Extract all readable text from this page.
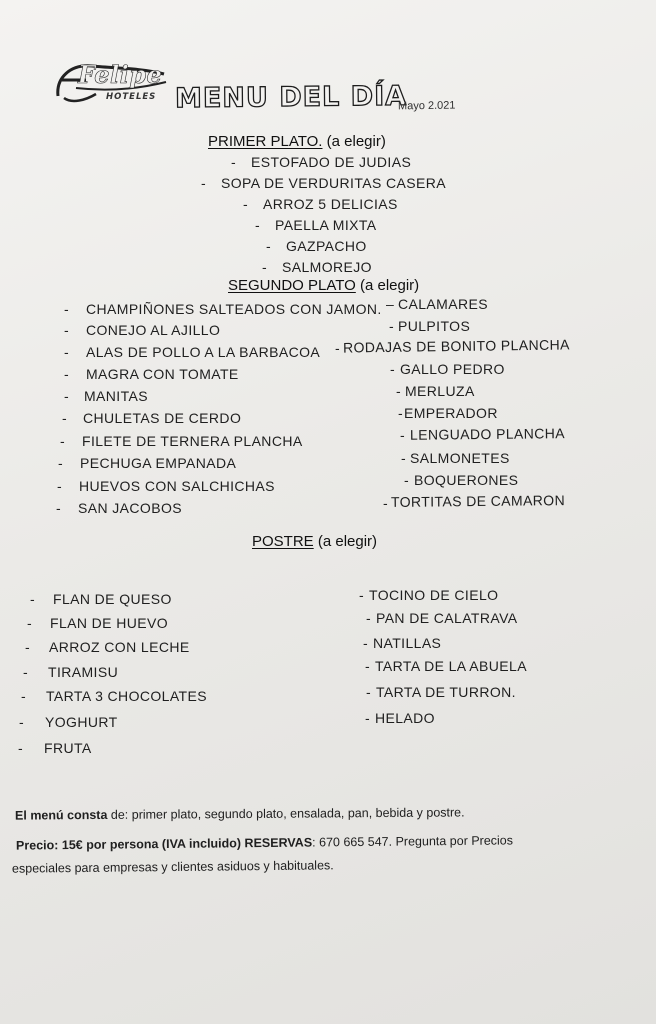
Felipe
HOTELES MENU DEL DÍA
Mayo 2.021
PRIMER PLATO. (a elegir)
- ESTOFADO DE JUDIAS
- SOPA DE VERDURITAS CASERA
- ARROZ 5 DELICIAS
- PAELLA MIXTA
- GAZPACHO
- SALMOREJO
SEGUNDO PLATO (a elegir)
- CHAMPIÑONES SALTEADOS CON JAMON.
- CONEJO AL AJILLO
- ALAS DE POLLO A LA BARBACOA
- MAGRA CON TOMATE
- MANITAS
- CHULETAS DE CERDO
- FILETE DE TERNERA PLANCHA
- PECHUGA EMPANADA
- HUEVOS CON SALCHICHAS
- SAN JACOBOS
– CALAMARES
- PULPITOS
- RODAJAS DE BONITO PLANCHA
- GALLO PEDRO
- MERLUZA
- EMPERADOR
- LENGUADO PLANCHA
- SALMONETES
- BOQUERONES
- TORTITAS DE CAMARON
POSTRE (a elegir)
- FLAN DE QUESO
- FLAN DE HUEVO
- ARROZ CON LECHE
- TIRAMISU
- TARTA 3 CHOCOLATES
- YOGHURT
- FRUTA
- TOCINO DE CIELO
- PAN DE CALATRAVA
- NATILLAS
- TARTA DE LA ABUELA
- TARTA DE TURRON.
- HELADO
El menú consta de: primer plato, segundo plato, ensalada, pan, bebida y postre.
Precio: 15€ por persona (IVA incluido) RESERVAS: 670 665 547. Pregunta por Precios
especiales para empresas y clientes asiduos y habituales.
